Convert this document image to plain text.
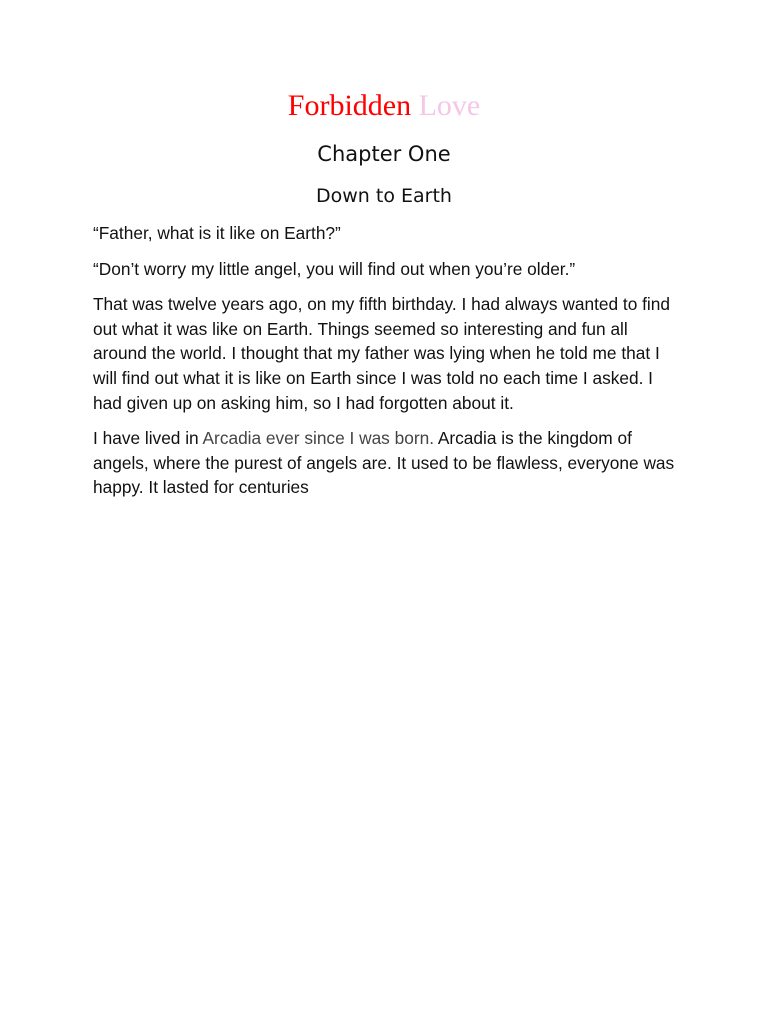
Forbidden Love
Chapter One
Down to Earth

“Father, what is it like on Earth?”

“Don’t worry my little angel, you will find out when you’re older.”

That was twelve years ago, on my fifth birthday. I had always wanted to find out what it was like on Earth. Things seemed so interesting and fun all around the world. I thought that my father was lying when he told me that I will find out what it is like on Earth since I was told no each time I asked. I had given up on asking him, so I had forgotten about it.

I have lived in Arcadia ever since I was born. Arcadia is the kingdom of angels, where the purest of angels are. It used to be flawless, everyone was happy. It lasted for centuries
